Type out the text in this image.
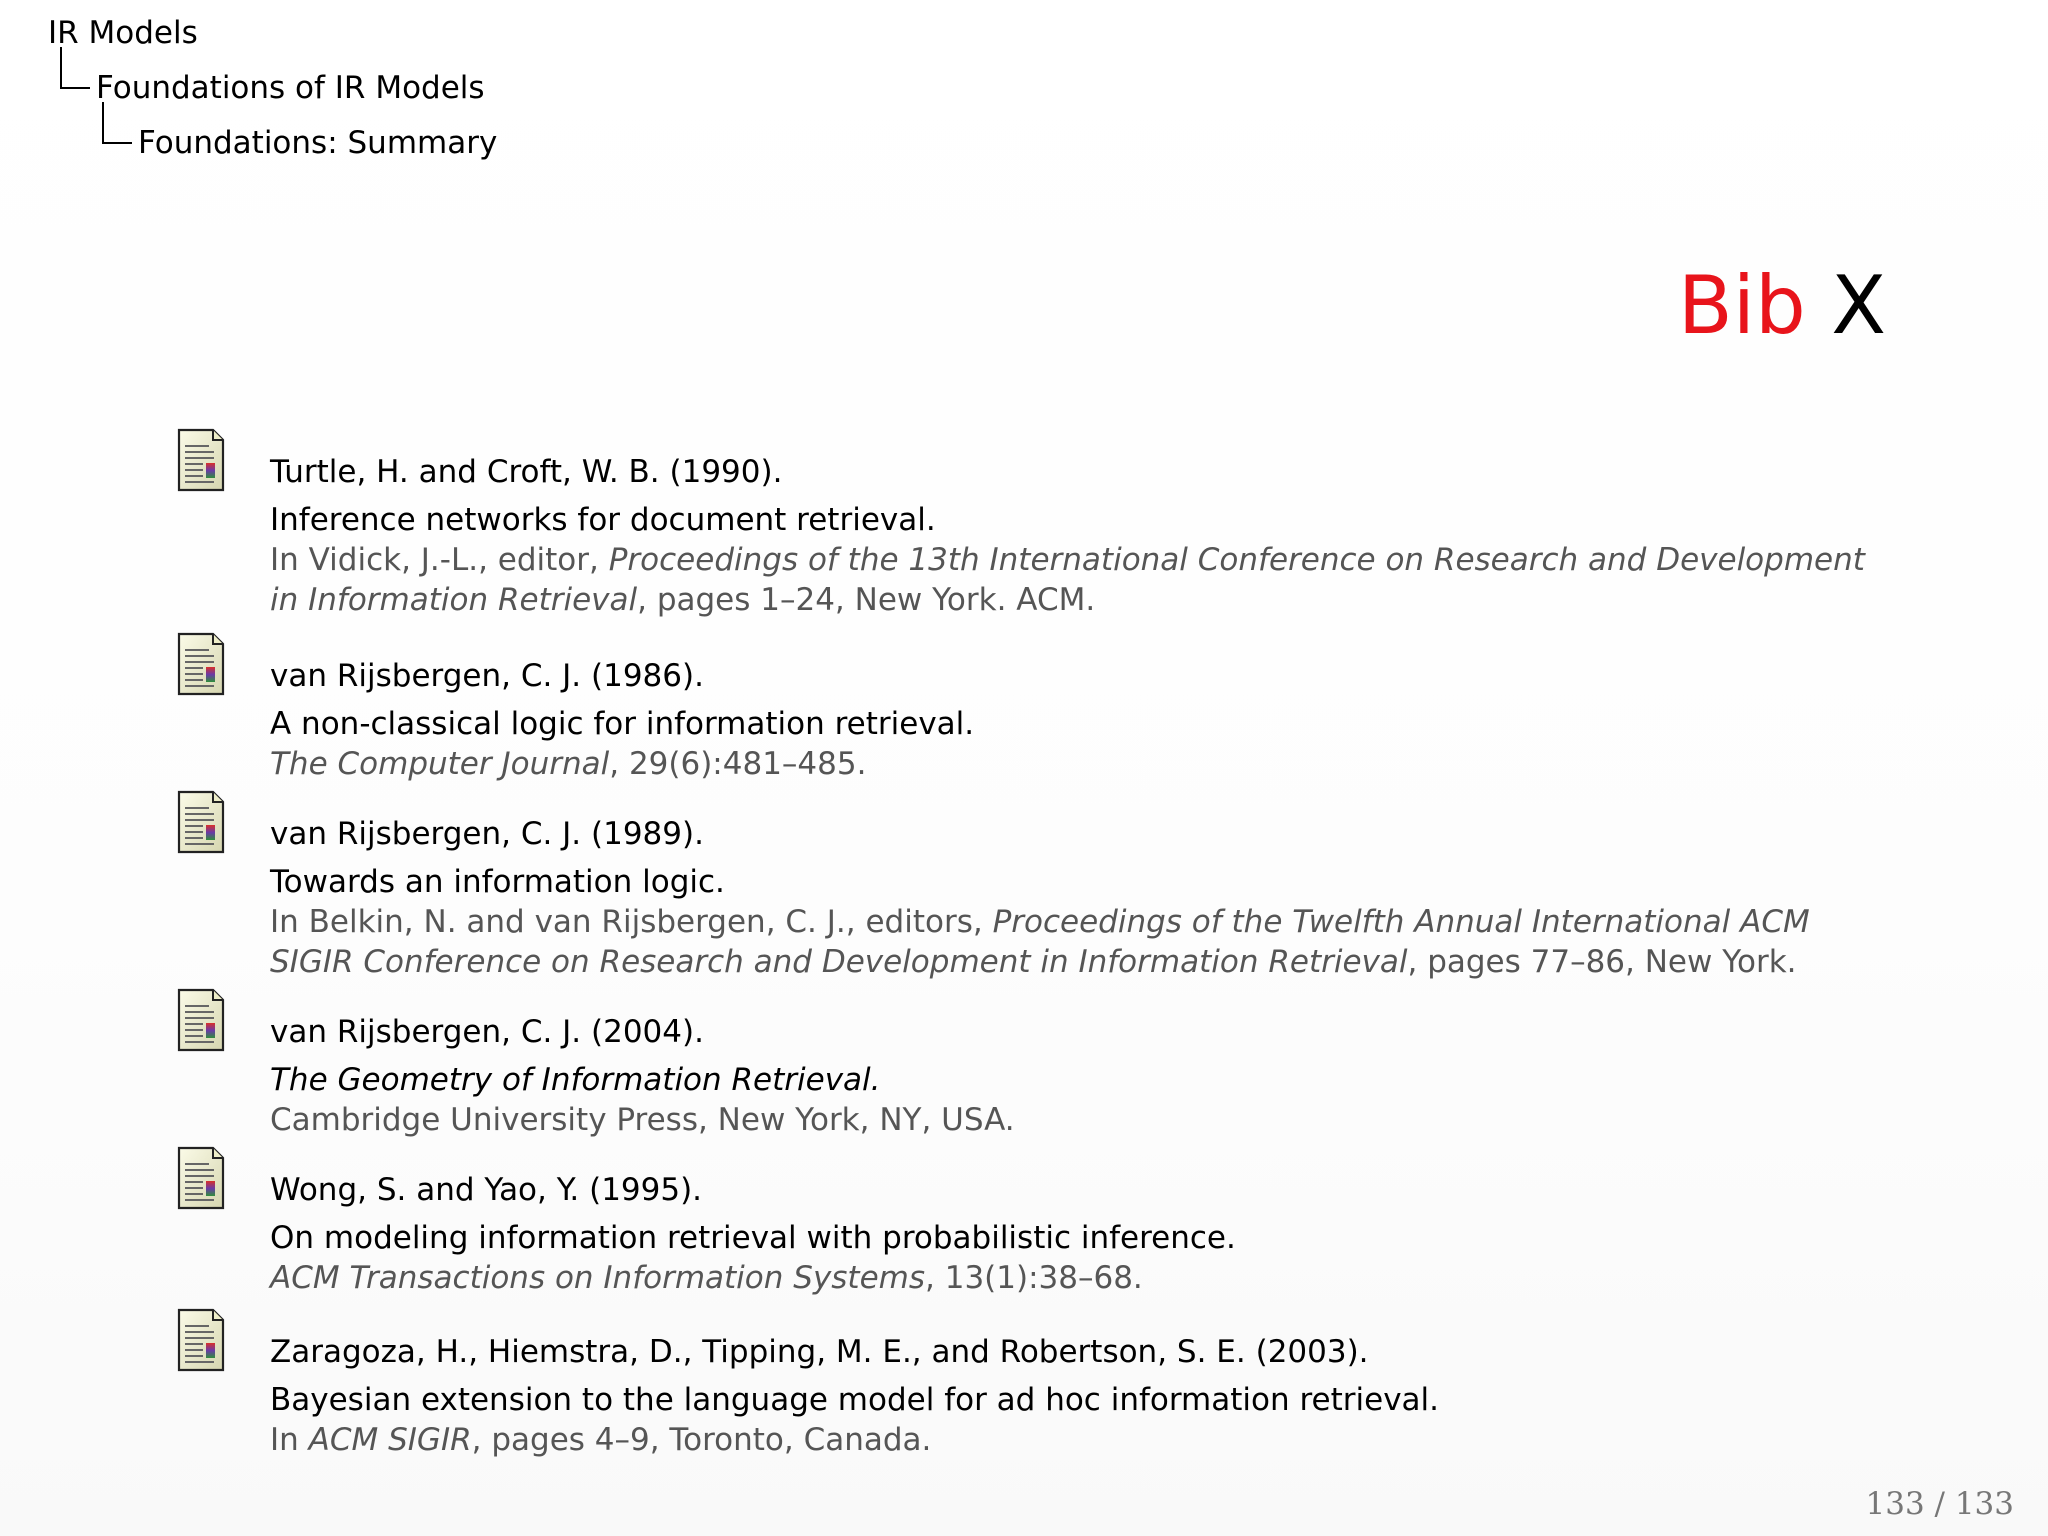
IR Models
Foundations of IR Models
Foundations: Summary
Bib X
Turtle, H. and Croft, W. B. (1990).
Inference networks for document retrieval.
In Vidick, J.-L., editor, Proceedings of the 13th International Conference on Research and Development in Information Retrieval, pages 1–24, New York. ACM.
van Rijsbergen, C. J. (1986).
A non-classical logic for information retrieval.
The Computer Journal, 29(6):481–485.
van Rijsbergen, C. J. (1989).
Towards an information logic.
In Belkin, N. and van Rijsbergen, C. J., editors, Proceedings of the Twelfth Annual International ACM SIGIR Conference on Research and Development in Information Retrieval, pages 77–86, New York.
van Rijsbergen, C. J. (2004).
The Geometry of Information Retrieval.
Cambridge University Press, New York, NY, USA.
Wong, S. and Yao, Y. (1995).
On modeling information retrieval with probabilistic inference.
ACM Transactions on Information Systems, 13(1):38–68.
Zaragoza, H., Hiemstra, D., Tipping, M. E., and Robertson, S. E. (2003).
Bayesian extension to the language model for ad hoc information retrieval.
In ACM SIGIR, pages 4–9, Toronto, Canada.
133 / 133
